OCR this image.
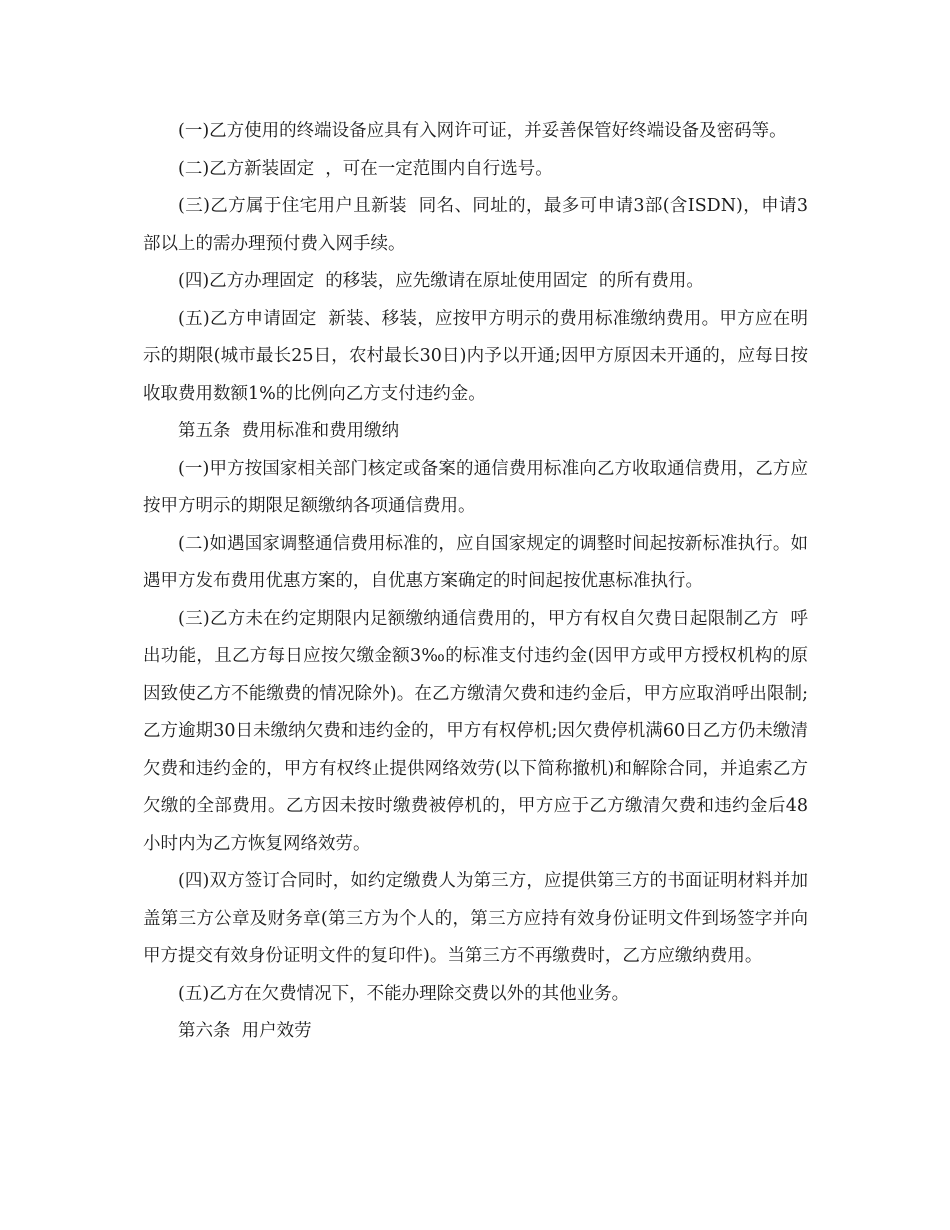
(一)乙方使用的终端设备应具有入网许可证，并妥善保管好终端设备及密码等。

(二)乙方新装固定  ，可在一定范围内自行选号。

(三)乙方属于住宅用户且新装  同名、同址的，最多可申请3部(含ISDN)，申请3部以上的需办理预付费入网手续。

(四)乙方办理固定  的移装，应先缴请在原址使用固定  的所有费用。

(五)乙方申请固定  新装、移装，应按甲方明示的费用标准缴纳费用。甲方应在明示的期限(城市最长25日，农村最长30日)内予以开通;因甲方原因未开通的，应每日按收取费用数额1%的比例向乙方支付违约金。

第五条  费用标准和费用缴纳

(一)甲方按国家相关部门核定或备案的通信费用标准向乙方收取通信费用，乙方应按甲方明示的期限足额缴纳各项通信费用。

(二)如遇国家调整通信费用标准的，应自国家规定的调整时间起按新标准执行。如遇甲方发布费用优惠方案的，自优惠方案确定的时间起按优惠标准执行。

(三)乙方未在约定期限内足额缴纳通信费用的，甲方有权自欠费日起限制乙方  呼出功能，且乙方每日应按欠缴金额3‰的标准支付违约金(因甲方或甲方授权机构的原因致使乙方不能缴费的情况除外)。在乙方缴清欠费和违约金后，甲方应取消呼出限制;乙方逾期30日未缴纳欠费和违约金的，甲方有权停机;因欠费停机满60日乙方仍未缴清欠费和违约金的，甲方有权终止提供网络效劳(以下简称撤机)和解除合同，并追索乙方欠缴的全部费用。乙方因未按时缴费被停机的，甲方应于乙方缴清欠费和违约金后48小时内为乙方恢复网络效劳。

(四)双方签订合同时，如约定缴费人为第三方，应提供第三方的书面证明材料并加盖第三方公章及财务章(第三方为个人的，第三方应持有效身份证明文件到场签字并向甲方提交有效身份证明文件的复印件)。当第三方不再缴费时，乙方应缴纳费用。

(五)乙方在欠费情况下，不能办理除交费以外的其他业务。

第六条  用户效劳
